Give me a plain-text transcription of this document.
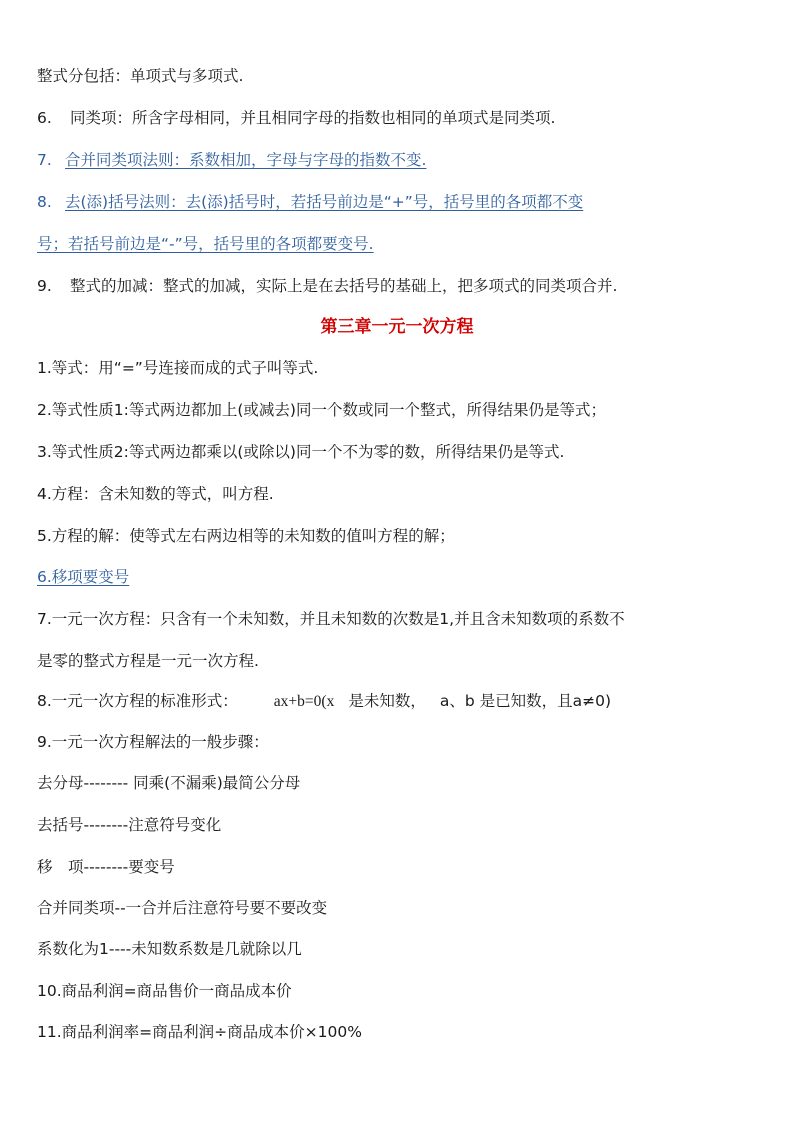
整式分包括：单项式与多项式.
6. 同类项：所含字母相同，并且相同字母的指数也相同的单项式是同类项.
7. 合并同类项法则：系数相加，字母与字母的指数不变.
8. 去(添)括号法则：去(添)括号时，若括号前边是“+”号，括号里的各项都不变
号；若括号前边是“-”号，括号里的各项都要变号.
9. 整式的加减：整式的加减，实际上是在去括号的基础上，把多项式的同类项合并.
第三章一元一次方程
1.等式：用“=”号连接而成的式子叫等式.
2.等式性质1:等式两边都加上(或减去)同一个数或同一个整式，所得结果仍是等式；
3.等式性质2:等式两边都乘以(或除以)同一个不为零的数，所得结果仍是等式.
4.方程：含未知数的等式，叫方程.
5.方程的解：使等式左右两边相等的未知数的值叫方程的解；
6.移项要变号
7.一元一次方程：只含有一个未知数，并且未知数的次数是1,并且含未知数项的系数不
是零的整式方程是一元一次方程.
8.一元一次方程的标准形式： ax+b=0(x 是未知数， a、b 是已知数，且a≠0)
9.一元一次方程解法的一般步骤：
去分母-------- 同乘(不漏乘)最简公分母
去括号--------注意符号变化
移　项--------要变号
合并同类项--一合并后注意符号要不要改变
系数化为1----未知数系数是几就除以几
10.商品利润=商品售价一商品成本价
11.商品利润率=商品利润÷商品成本价×100%
